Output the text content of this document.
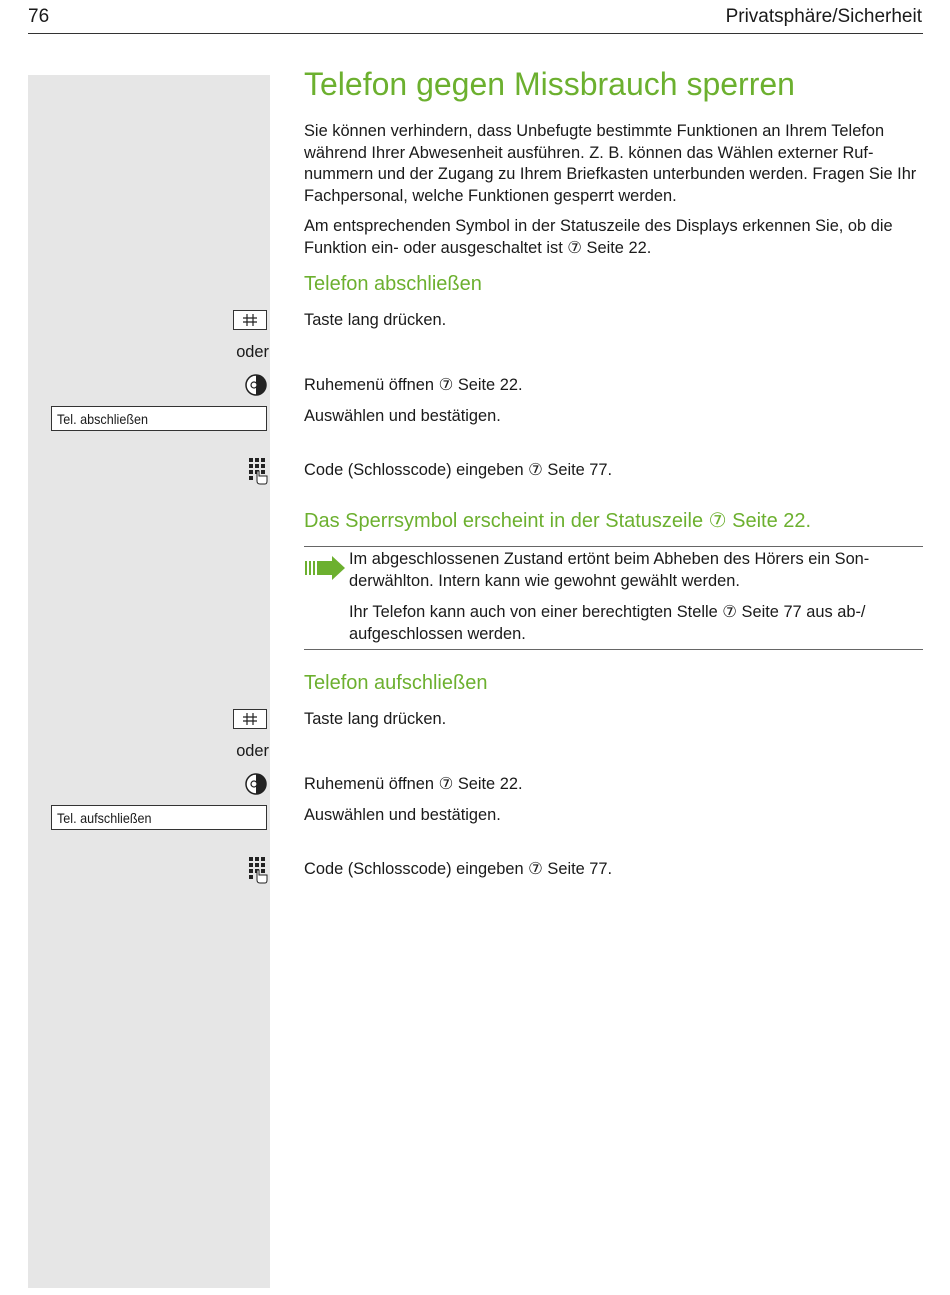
76	Privatsphäre/Sicherheit
Telefon gegen Missbrauch sperren
Sie können verhindern, dass Unbefugte bestimmte Funktionen an Ihrem Telefon während Ihrer Abwesenheit ausführen. Z. B. können das Wählen externer Ruf-nummern und der Zugang zu Ihrem Briefkasten unterbunden werden. Fragen Sie Ihr Fachpersonal, welche Funktionen gesperrt werden.
Am entsprechenden Symbol in der Statuszeile des Displays erkennen Sie, ob die Funktion ein- oder ausgeschaltet ist ⑦ Seite 22.
Telefon abschließen
Taste lang drücken.
oder
Ruhemenü öffnen ⑦ Seite 22.
Tel. abschließen	Auswählen und bestätigen.
Code (Schlosscode) eingeben ⑦ Seite 77.
Das Sperrsymbol erscheint in der Statuszeile ⑦ Seite 22.
Im abgeschlossenen Zustand ertönt beim Abheben des Hörers ein Son-derwählton. Intern kann wie gewohnt gewählt werden.
Ihr Telefon kann auch von einer berechtigten Stelle ⑦ Seite 77 aus ab-/ aufgeschlossen werden.
Telefon aufschließen
Taste lang drücken.
oder
Ruhemenü öffnen ⑦ Seite 22.
Tel. aufschließen	Auswählen und bestätigen.
Code (Schlosscode) eingeben ⑦ Seite 77.
